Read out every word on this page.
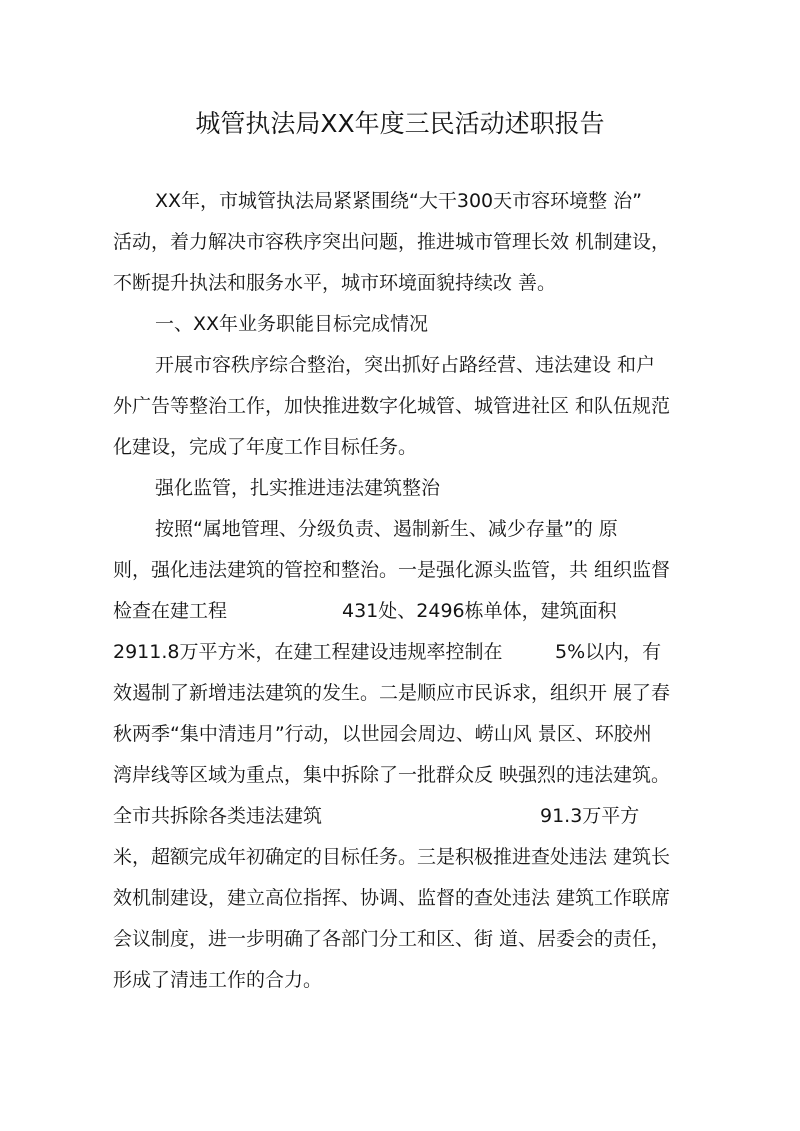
城管执法局XX年度三民活动述职报告
XX年，市城管执法局紧紧围绕“大干300天市容环境整 治”
活动，着力解决市容秩序突出问题，推进城市管理长效 机制建设，
不断提升执法和服务水平，城市环境面貌持续改 善。
一、XX年业务职能目标完成情况
开展市容秩序综合整治，突出抓好占路经营、违法建设 和户
外广告等整治工作，加快推进数字化城管、城管进社区 和队伍规范
化建设，完成了年度工作目标任务。
强化监管，扎实推进违法建筑整治
按照“属地管理、分级负责、遏制新生、减少存量”的 原
则，强化违法建筑的管控和整治。一是强化源头监管，共 组织监督
检查在建工程	431处、2496栋单体，建筑面积
2911.8万平方米，在建工程建设违规率控制在	5%以内，有
效遏制了新增违法建筑的发生。二是顺应市民诉求，组织开 展了春
秋两季“集中清违月”行动，以世园会周边、崂山风 景区、环胶州
湾岸线等区域为重点，集中拆除了一批群众反 映强烈的违法建筑。
全市共拆除各类违法建筑	91.3万平方
米，超额完成年初确定的目标任务。三是积极推进查处违法 建筑长
效机制建设，建立高位指挥、协调、监督的查处违法 建筑工作联席
会议制度，进一步明确了各部门分工和区、街 道、居委会的责任，
形成了清违工作的合力。
